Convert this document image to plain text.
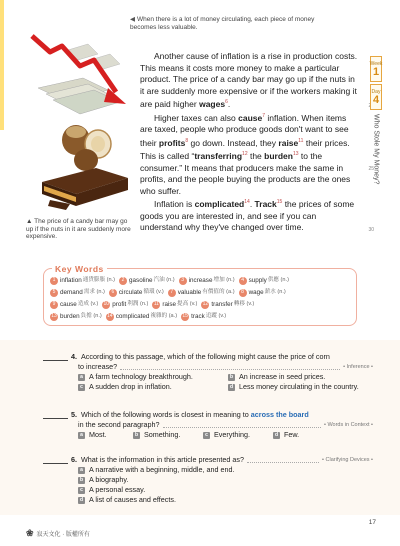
◀ When there is a lot of money circulating, each piece of money becomes less valuable.
▲ The price of a candy bar may go up if the nuts in it are suddenly more expensive.

Another cause of inflation is a rise in production costs. This means it costs more money to make a particular product. The price of a candy bar may go up if the nuts in it are suddenly more expensive or if the workers making it are paid higher wages$^6$.

Higher taxes can also cause$^7$ inflation. When items are taxed, people who produce goods don't want to see their profits$^8$ go down. Instead, they raise$^{11}$ their prices. This is called “transferring$^{12}$ the burden$^{13}$ to the consumer.” It means that producers make the same in profits, and the people buying the products are the ones who suffer.

Inflation is complicated$^{14}$. Track$^{15}$ the prices of some goods you are interested in, and see if you can understand why they've changed over time.

25
30
Week
1
Day
4
Who Stole My Money?
Key Words
1 inflation 通貨膨脹 (n.)	2 gasoline 汽油 (n.)	3 increase 增加 (n.)	4 supply 供應 (n.)
5 demand 需求 (n.)	6 circulate 循環 (v.)	7 valuable 有價值的 (a.)	8 wage 薪水 (n.)
9 cause 造成 (v.) 10 profit 利潤 (n.) 11 raise 提高 (v.) 12 transfer 轉移 (v.)
13 burden 負擔 (n.) 14 complicated 複雜的 (a.) 15 track 追蹤 (v.)
4. According to this passage, which of the following might cause the price of corn
to increase?	• Inference •
a A farm technology breakthrough.	b An increase in seed prices.
c A sudden drop in inflation.	d Less money circulating in the country.
5. Which of the following words is closest in meaning to across the board
in the second paragraph?	• Words in Context •
a Most.	b Something.	c Everything.	d Few.
6. What is the information in this article presented as?	• Clarifying Devices •
a A narrative with a beginning, middle, and end.
b A biography.
c A personal essay.
d A list of causes and effects.
❀ 寂天文化 · 版權所有
17
